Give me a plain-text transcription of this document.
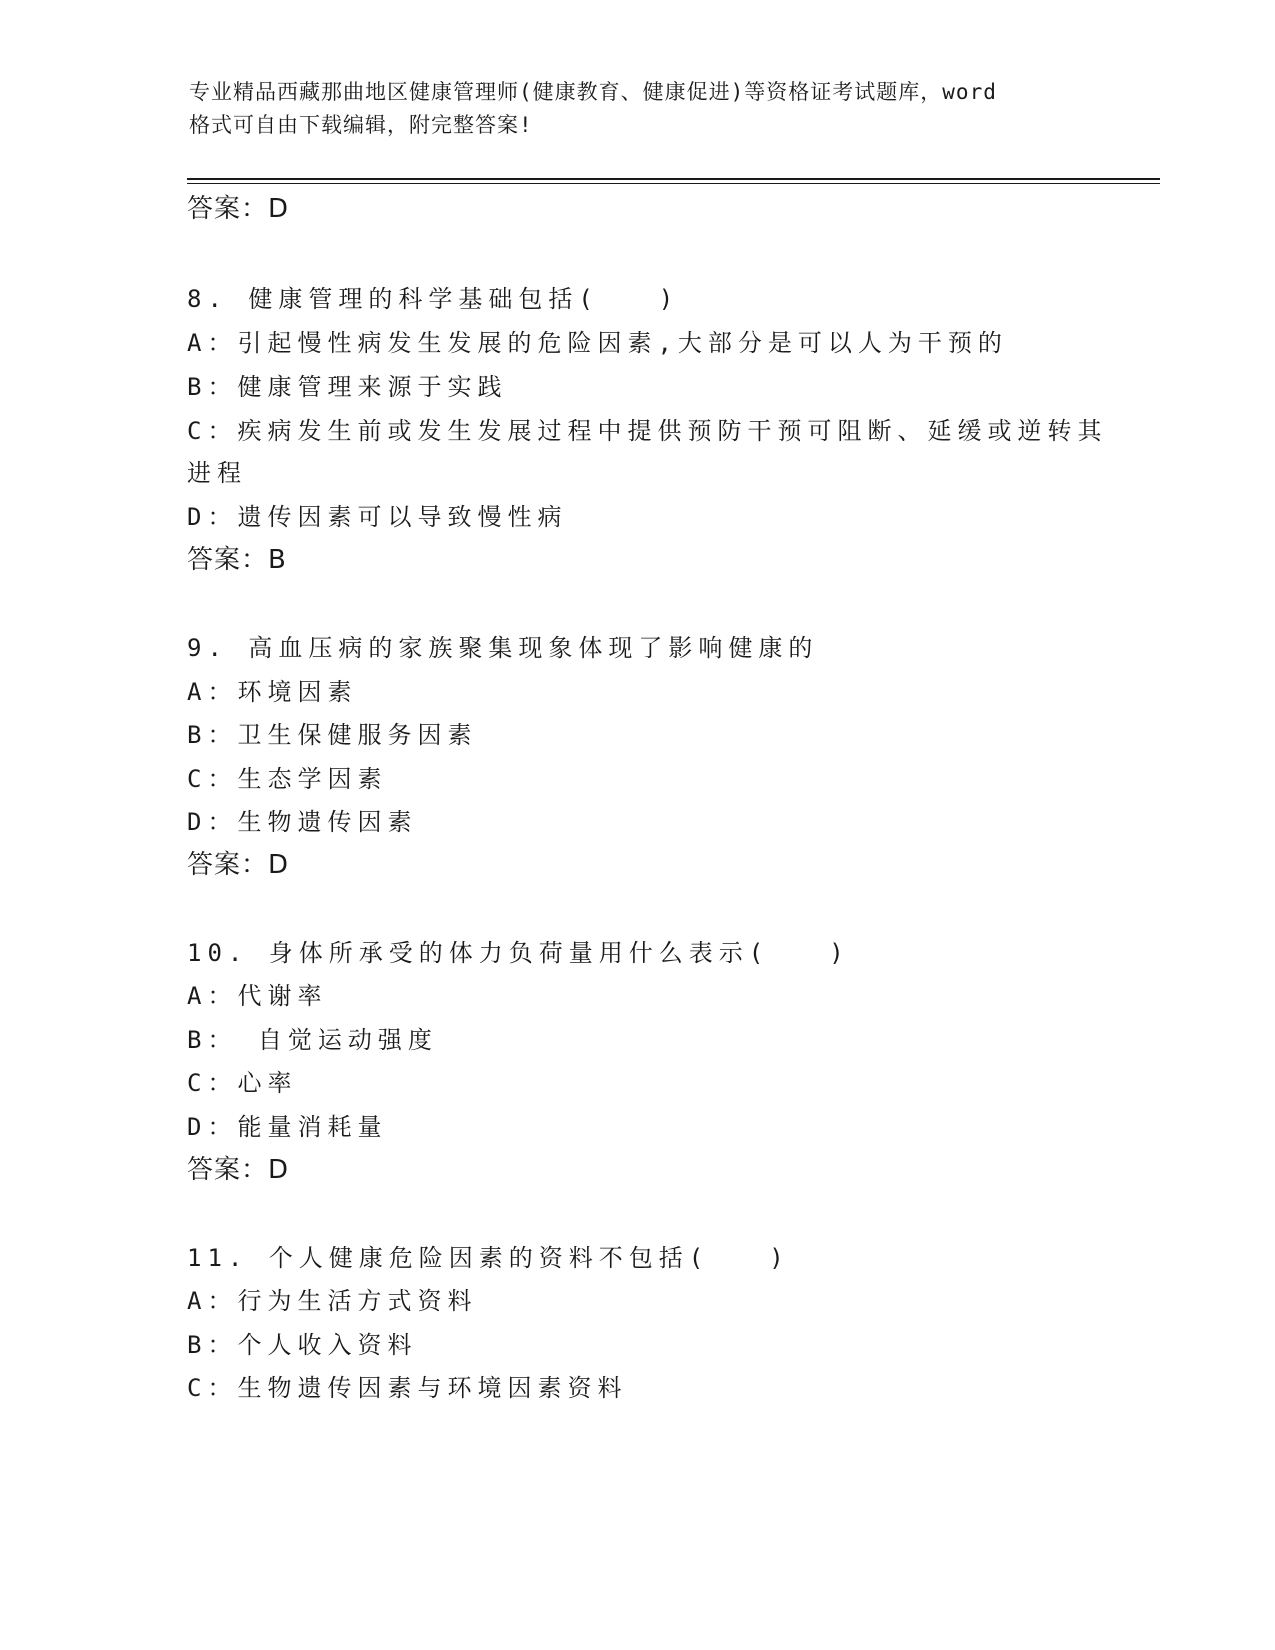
专业精品西藏那曲地区健康管理师(健康教育、健康促进)等资格证考试题库，word
格式可自由下载编辑，附完整答案!
答案：D
8. 健康管理的科学基础包括(　　)
A：引起慢性病发生发展的危险因素,大部分是可以人为干预的
B：健康管理来源于实践
C：疾病发生前或发生发展过程中提供预防干预可阻断、延缓或逆转其
进程
D：遗传因素可以导致慢性病
答案：B
9. 高血压病的家族聚集现象体现了影响健康的
A：环境因素
B：卫生保健服务因素
C：生态学因素
D：生物遗传因素
答案：D
10. 身体所承受的体力负荷量用什么表示(　　)
A：代谢率
B： 自觉运动强度
C：心率
D：能量消耗量
答案：D
11. 个人健康危险因素的资料不包括(　　)
A：行为生活方式资料
B：个人收入资料
C：生物遗传因素与环境因素资料
